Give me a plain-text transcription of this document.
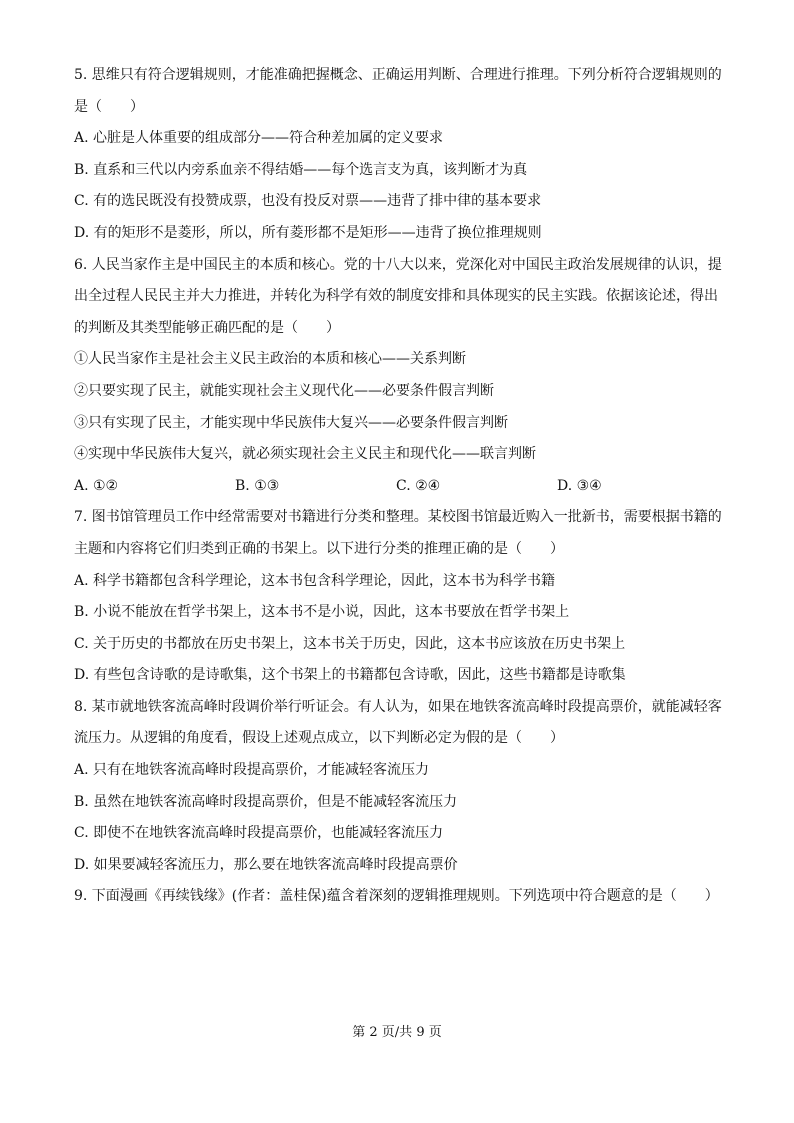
5. 思维只有符合逻辑规则，才能准确把握概念、正确运用判断、合理进行推理。下列分析符合逻辑规则的

是（　　）

A. 心脏是人体重要的组成部分——符合种差加属的定义要求

B. 直系和三代以内旁系血亲不得结婚——每个选言支为真，该判断才为真

C. 有的选民既没有投赞成票，也没有投反对票——违背了排中律的基本要求

D. 有的矩形不是菱形，所以，所有菱形都不是矩形——违背了换位推理规则

6. 人民当家作主是中国民主的本质和核心。党的十八大以来，党深化对中国民主政治发展规律的认识，提

出全过程人民民主并大力推进，并转化为科学有效的制度安排和具体现实的民主实践。依据该论述，得出

的判断及其类型能够正确匹配的是（　　）

①人民当家作主是社会主义民主政治的本质和核心——关系判断

②只要实现了民主，就能实现社会主义现代化——必要条件假言判断

③只有实现了民主，才能实现中华民族伟大复兴——必要条件假言判断

④实现中华民族伟大复兴，就必须实现社会主义民主和现代化——联言判断

A. ①②	B. ①③	C. ②④	D. ③④

7. 图书馆管理员工作中经常需要对书籍进行分类和整理。某校图书馆最近购入一批新书，需要根据书籍的

主题和内容将它们归类到正确的书架上。以下进行分类的推理正确的是（　　）

A. 科学书籍都包含科学理论，这本书包含科学理论，因此，这本书为科学书籍

B. 小说不能放在哲学书架上，这本书不是小说，因此，这本书要放在哲学书架上

C. 关于历史的书都放在历史书架上，这本书关于历史，因此，这本书应该放在历史书架上

D. 有些包含诗歌的是诗歌集，这个书架上的书籍都包含诗歌，因此，这些书籍都是诗歌集

8. 某市就地铁客流高峰时段调价举行听证会。有人认为，如果在地铁客流高峰时段提高票价，就能减轻客

流压力。从逻辑的角度看，假设上述观点成立，以下判断必定为假的是（　　）

A. 只有在地铁客流高峰时段提高票价，才能减轻客流压力

B. 虽然在地铁客流高峰时段提高票价，但是不能减轻客流压力

C. 即使不在地铁客流高峰时段提高票价，也能减轻客流压力

D. 如果要减轻客流压力，那么要在地铁客流高峰时段提高票价

9. 下面漫画《再续钱缘》(作者：盖桂保)蕴含着深刻的逻辑推理规则。下列选项中符合题意的是（　　）

第 2 页/共 9 页
